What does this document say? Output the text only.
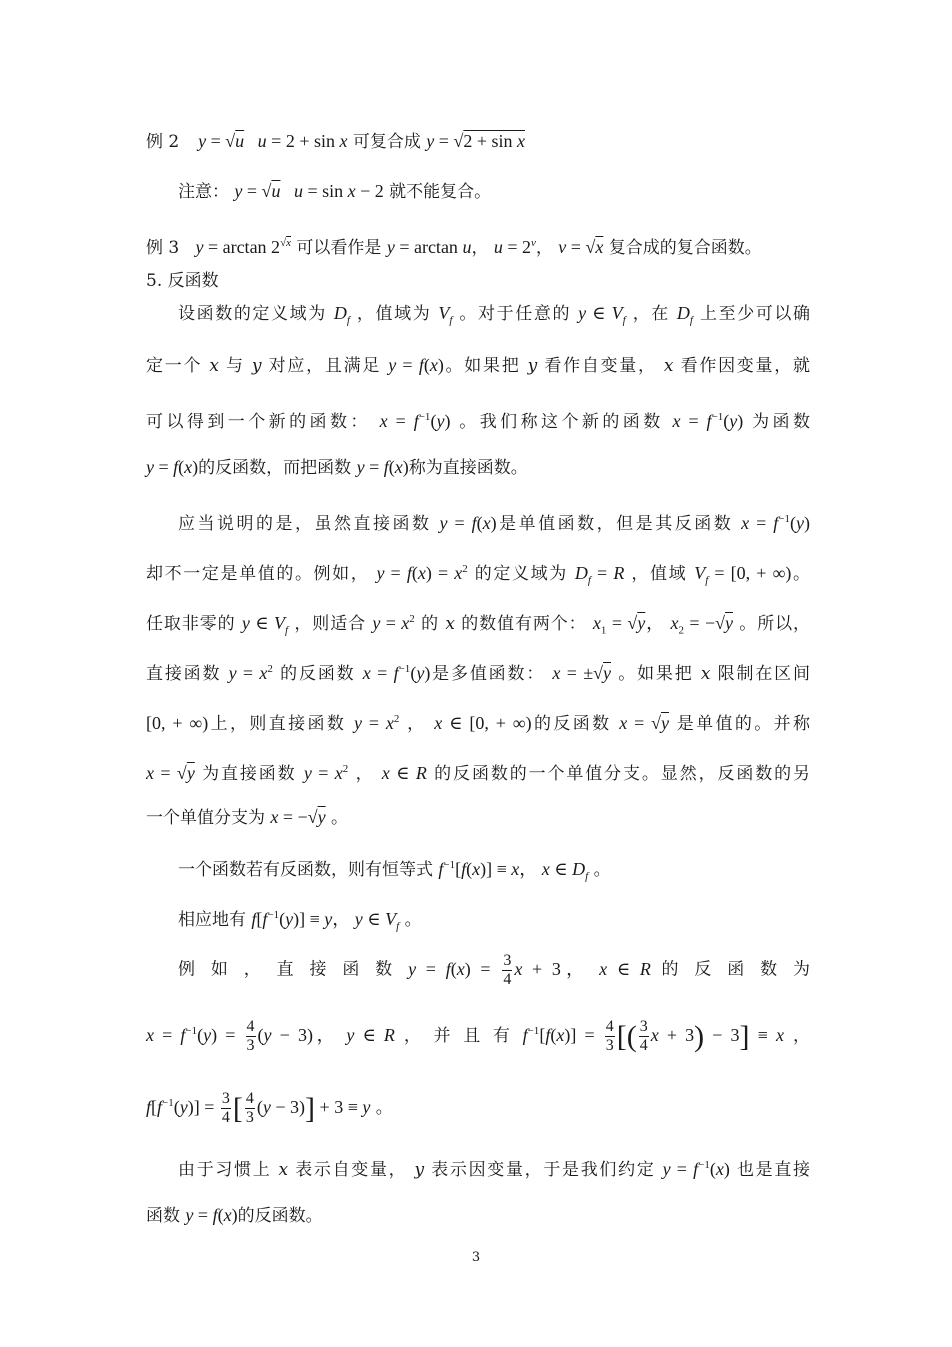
例 2 y = √u u = 2 + sin x 可复合成 y = √2 + sin x
注意： y = √u u = sin x − 2 就不能复合。
例 3   $y = \arctan 2^{√x}$ 可以看作是 y = arctan u， $u = 2^v$， v = √x 复合成的复合函数。
5. 反函数
设函数的定义域为 $D_f$ ，值域为 $V_f$ 。对于任意的 y ∈ $V_f$ ，在 $D_f$ 上至少可以确
定一个 x 与 y 对应，且满足 y = f(x)。如果把 y 看作自变量， x 看作因变量，就
可以得到一个新的函数： $x = f^{-1}(y)$ 。我们称这个新的函数 $x = f^{-1}(y)$ 为函数
y = f(x)的反函数，而把函数 y = f(x)称为直接函数。
应当说明的是，虽然直接函数 y = f(x)是单值函数，但是其反函数 $x = f^{-1}(y)$
却不一定是单值的。例如， $y = f(x) = x^2$ 的定义域为 $D_f = R$ ，值域 $V_f = [0$, + ∞)。
任取非零的 y ∈ $V_f$ ，则适合 $y = x^2$ 的 x 的数值有两个： $x_1 = √y$， $x_2 = -√y$ 。所以，
直接函数 $y = x^2$ 的反函数 $x = f^{-1}(y)$是多值函数： x = ±√y 。如果把 x 限制在区间
[0, + ∞)上，则直接函数 $y = x^2$ ， x ∈ [0, + ∞)的反函数 x = √y 是单值的。并称
x = √y 为直接函数 $y = x^2$ ， x ∈ R 的反函数的一个单值分支。显然，反函数的另
一个单值分支为 x = −√y 。
一个函数若有反函数，则有恒等式 $f^{-1}[f(x)] \equiv x$， x ∈ $D_f$ 。
相应地有 $f[f^{-1}(y)] \equiv y$， y ∈ $V_f$ 。
例 如 ， 直 接 函 数 $y = f(x) = \frac{3}{4}$ x + 3， x ∈ R 的 反 函 数 为
$x = f^{-1}(y) = \frac{4}{3} (y - 3)$， y ∈ R ， 并 且 有 $f^{-1}[f(x)] = \frac{4}{3}$ [( $\frac{3}{4}$ x + 3) − 3] ≡ x ，
$f[f^{-1}(y)] = \frac{3}{4}$ [ $\frac{4}{3} (y - 3)] + 3 \equiv y$ 。
由于习惯上 x 表示自变量， y 表示因变量，于是我们约定 $y = f^{-1}(x)$ 也是直接
函数 y = f(x)的反函数。
3
